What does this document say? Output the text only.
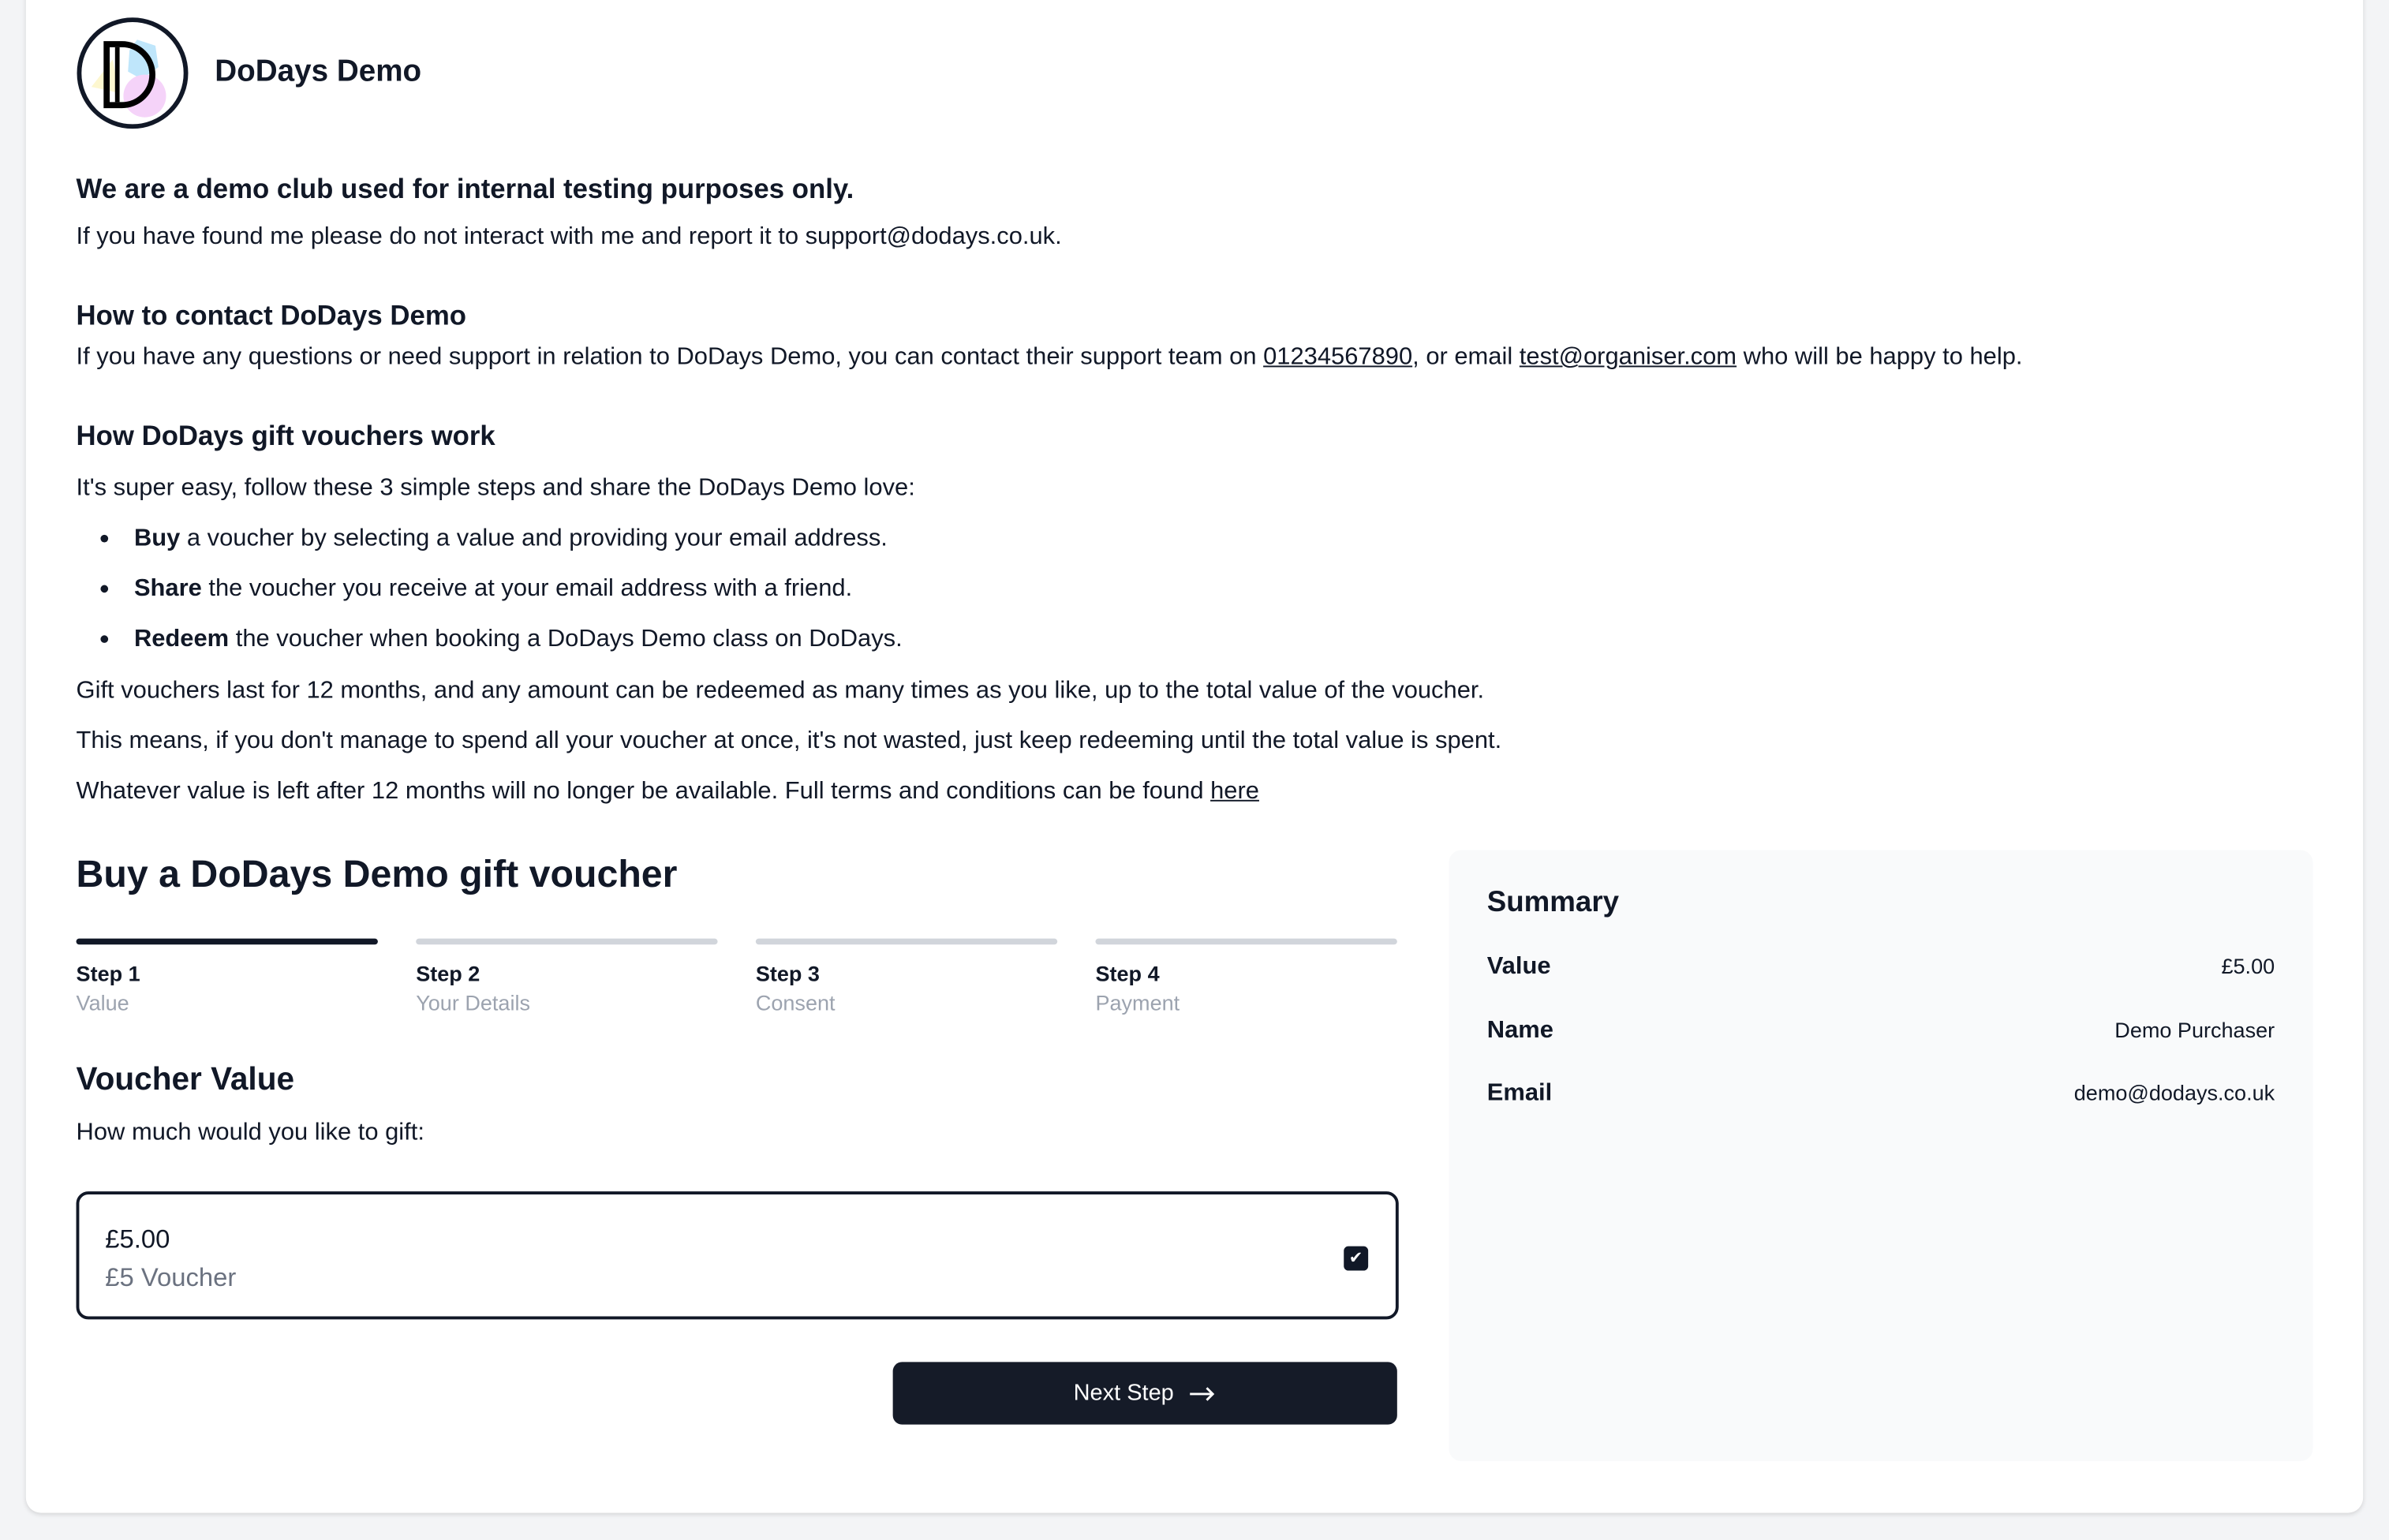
DoDays Demo
We are a demo club used for internal testing purposes only.
If you have found me please do not interact with me and report it to support@dodays.co.uk.
How to contact DoDays Demo
If you have any questions or need support in relation to DoDays Demo, you can contact their support team on 01234567890, or email test@organiser.com who will be happy to help.
How DoDays gift vouchers work
It's super easy, follow these 3 simple steps and share the DoDays Demo love:
Buy a voucher by selecting a value and providing your email address.
Share the voucher you receive at your email address with a friend.
Redeem the voucher when booking a DoDays Demo class on DoDays.
Gift vouchers last for 12 months, and any amount can be redeemed as many times as you like, up to the total value of the voucher.
This means, if you don't manage to spend all your voucher at once, it's not wasted, just keep redeeming until the total value is spent.
Whatever value is left after 12 months will no longer be available. Full terms and conditions can be found here
Buy a DoDays Demo gift voucher
Step 1
Value
Step 2
Your Details
Step 3
Consent
Step 4
Payment
Voucher Value
How much would you like to gift:
£5.00
£5 Voucher
✔
Next Step
Summary
Value	£5.00
Name	Demo Purchaser
Email	demo@dodays.co.uk
